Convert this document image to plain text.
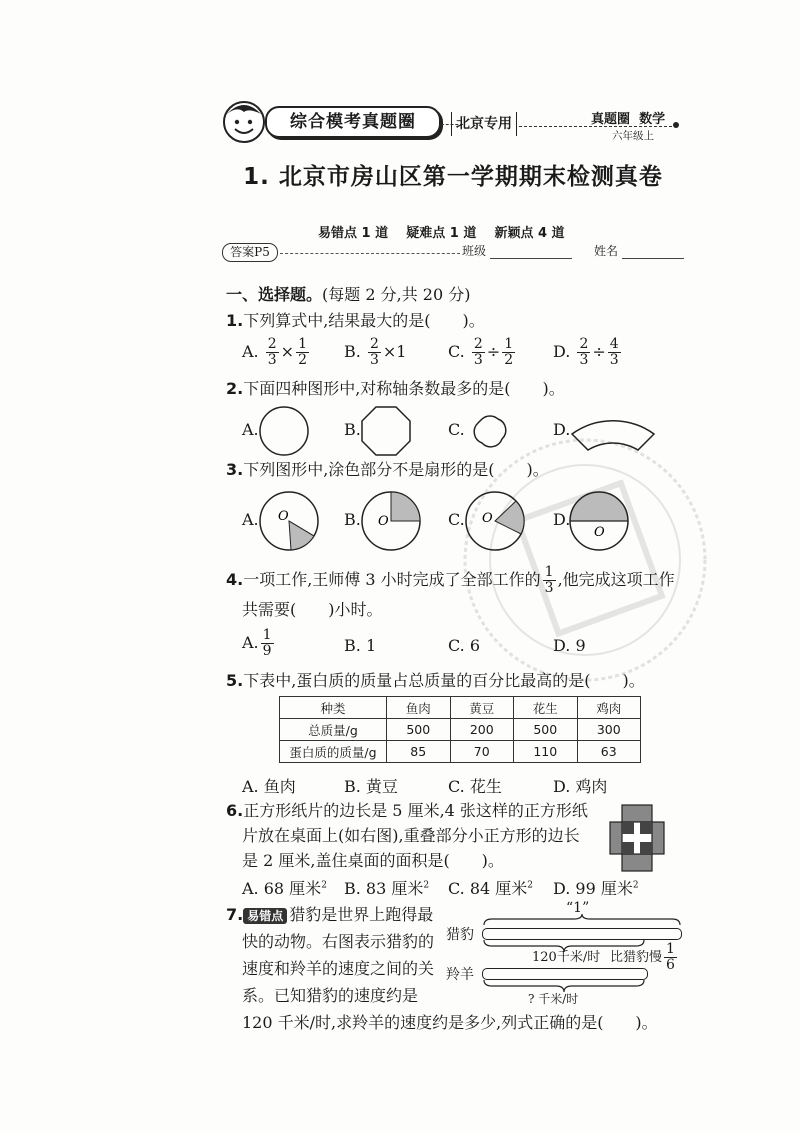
综合模考真题圈	北京专用	真题圈 数学
六年级上
1. 北京市房山区第一学期期末检测真卷
易错点 1 道 疑难点 1 道 新颖点 4 道
答案P5	班级	姓名
一、选择题。(每题 2 分,共 20 分)
1.下列算式中,结果最大的是(　　)。
A. $\frac{2}{3} \times \frac{1}{2} B$. $\frac{2}{3} \times 1$	C. $\frac{2}{3} \div \frac{1}{2} D$. $\frac{2}{3} \div \frac{4}{3}$
2.下面四种图形中,对称轴条数最多的是(　　)。
A.	B.	C.	D.
3.下列图形中,涂色部分不是扇形的是(　　)。
A.	B.	C.	D.
O	O	O
O
4.一项工作,王师傅 3 小时完成了全部工作的 $\frac{1}{3}$ ,他完成这项工作
共需要(　　)小时。
A. $\frac{1}{9}$	B. 1	C. 6	D. 9
5.下表中,蛋白质的质量占总质量的百分比最高的是(　　)。
种类	鱼肉	黄豆	花生	鸡肉
总质量/g	500	200	500	300
蛋白质的质量/g	85	70	110	63
A. 鱼肉	B. 黄豆	C. 花生	D. 鸡肉
6.正方形纸片的边长是 5 厘米,4 张这样的正方形纸
片放在桌面上(如右图),重叠部分小正方形的边长
是 2 厘米,盖住桌面的面积是(　　)。
A. 68 厘米$^2$ B. 83 厘米$^2$ C. 84 厘米$^2$ D. 99 厘米$^2$
7. 易错点 猎豹是世界上跑得最
快的动物。右图表示猎豹的
速度和羚羊的速度之间的关
系。已知猎豹的速度约是
120 千米/时,求羚羊的速度约是多少,列式正确的是(　　)。
“1”
猎豹
120千米/时 比猎豹慢 $\frac{1}{6}$
羚羊
? 千米/时
